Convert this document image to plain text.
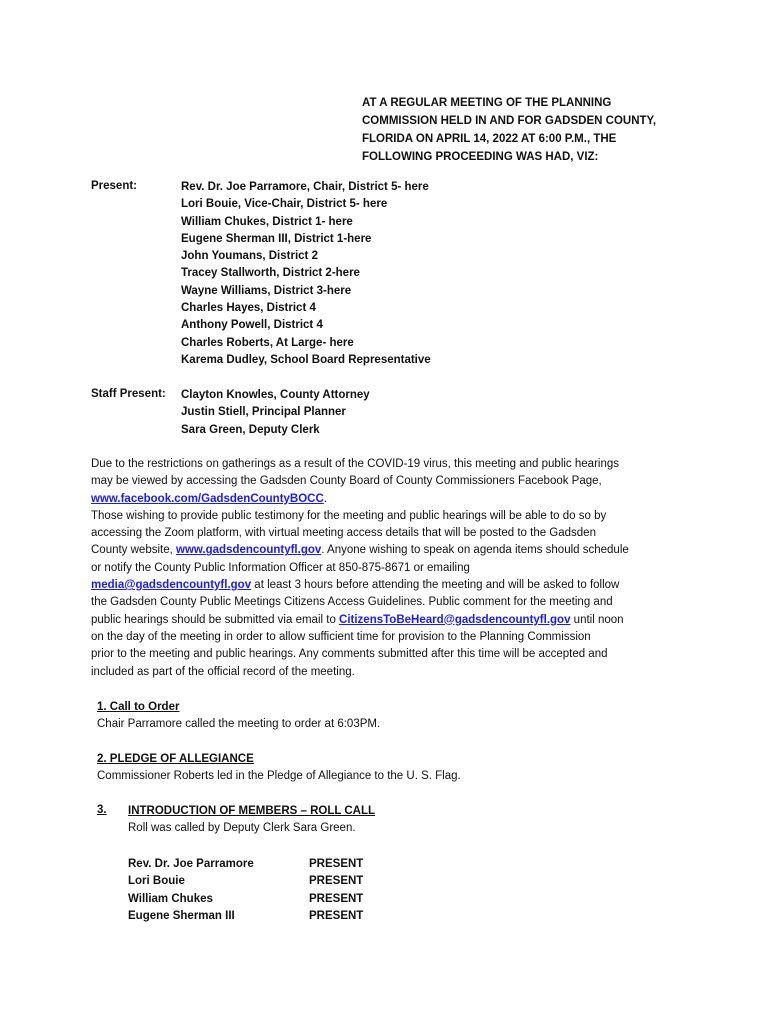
AT A REGULAR MEETING OF THE PLANNING
COMMISSION HELD IN AND FOR GADSDEN COUNTY,
FLORIDA ON APRIL 14, 2022 AT 6:00 P.M., THE
FOLLOWING PROCEEDING WAS HAD, VIZ:
Present:	Rev. Dr. Joe Parramore, Chair, District 5- here
Lori Bouie, Vice-Chair, District 5- here
William Chukes, District 1- here
Eugene Sherman III, District 1-here
John Youmans, District 2
Tracey Stallworth, District 2-here
Wayne Williams, District 3-here
Charles Hayes, District 4
Anthony Powell, District 4
Charles Roberts, At Large- here
Karema Dudley, School Board Representative
Staff Present: Clayton Knowles, County Attorney
Justin Stiell, Principal Planner
Sara Green, Deputy Clerk
Due to the restrictions on gatherings as a result of the COVID-19 virus, this meeting and public hearings
may be viewed by accessing the Gadsden County Board of County Commissioners Facebook Page,
www.facebook.com/GadsdenCountyBOCC.
Those wishing to provide public testimony for the meeting and public hearings will be able to do so by
accessing the Zoom platform, with virtual meeting access details that will be posted to the Gadsden
County website, www.gadsdencountyfl.gov. Anyone wishing to speak on agenda items should schedule
or notify the County Public Information Officer at 850-875-8671 or emailing
media@gadsdencountyfl.gov at least 3 hours before attending the meeting and will be asked to follow
the Gadsden County Public Meetings Citizens Access Guidelines. Public comment for the meeting and
public hearings should be submitted via email to CitizensToBeHeard@gadsdencountyfl.gov until noon
on the day of the meeting in order to allow sufficient time for provision to the Planning Commission
prior to the meeting and public hearings. Any comments submitted after this time will be accepted and
included as part of the official record of the meeting.
1. Call to Order
Chair Parramore called the meeting to order at 6:03PM.
2. PLEDGE OF ALLEGIANCE
Commissioner Roberts led in the Pledge of Allegiance to the U. S. Flag.
3. INTRODUCTION OF MEMBERS – ROLL CALL
Roll was called by Deputy Clerk Sara Green.
Rev. Dr. Joe Parramore	PRESENT
Lori Bouie	PRESENT
William Chukes	PRESENT
Eugene Sherman III	PRESENT
